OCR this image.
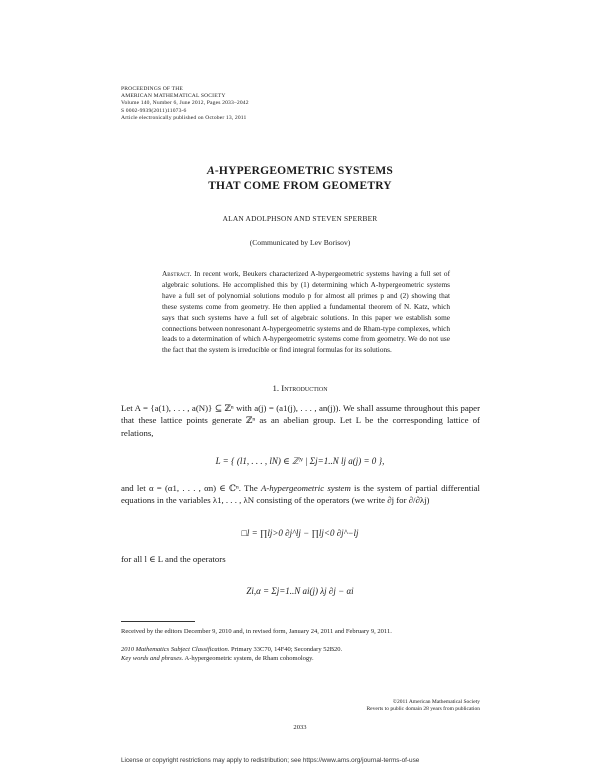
PROCEEDINGS OF THE
AMERICAN MATHEMATICAL SOCIETY
Volume 140, Number 6, June 2012, Pages 2033–2042
S 0002-9939(2011)11073-6
Article electronically published on October 13, 2011
A-HYPERGEOMETRIC SYSTEMS
THAT COME FROM GEOMETRY
ALAN ADOLPHSON AND STEVEN SPERBER
(Communicated by Lev Borisov)
Abstract. In recent work, Beukers characterized A-hypergeometric systems having a full set of algebraic solutions. He accomplished this by (1) determining which A-hypergeometric systems have a full set of polynomial solutions modulo p for almost all primes p and (2) showing that these systems come from geometry. He then applied a fundamental theorem of N. Katz, which says that such systems have a full set of algebraic solutions. In this paper we establish some connections between nonresonant A-hypergeometric systems and de Rham-type complexes, which leads to a determination of which A-hypergeometric systems come from geometry. We do not use the fact that the system is irreducible or find integral formulas for its solutions.
1. Introduction
Let A = {a(1), . . . , a(N)} ⊆ ℤⁿ with a(j) = (a1(j), . . . , an(j)). We shall assume throughout this paper that these lattice points generate ℤⁿ as an abelian group. Let L be the corresponding lattice of relations,
L = { (l1, . . . , lN) ∈ ℤᴺ | Σj=1..N lj a(j) = 0 },
and let α = (α1, . . . , αn) ∈ ℂⁿ. The A-hypergeometric system is the system of partial differential equations in the variables λ1, . . . , λN consisting of the operators (we write ∂j for ∂/∂λj)
□l = ∏lj>0 ∂j^lj − ∏lj<0 ∂j^−lj
for all l ∈ L and the operators
Zi,α = Σj=1..N ai(j) λj ∂j − αi
Received by the editors December 9, 2010 and, in revised form, January 24, 2011 and February 9, 2011.
2010 Mathematics Subject Classification. Primary 33C70, 14F40; Secondary 52B20.
Key words and phrases. A-hypergeometric system, de Rham cohomology.
©2011 American Mathematical Society
Reverts to public domain 28 years from publication
2033
License or copyright restrictions may apply to redistribution; see https://www.ams.org/journal-terms-of-use
